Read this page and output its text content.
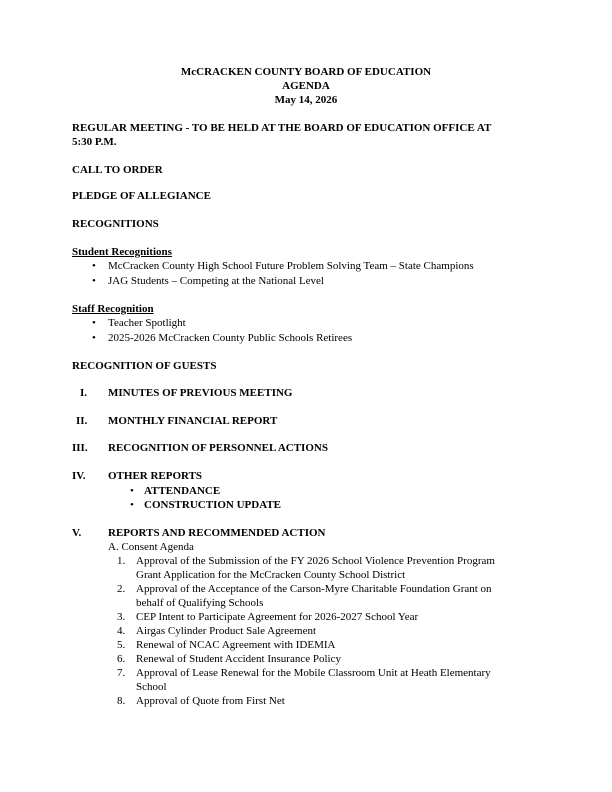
McCRACKEN COUNTY BOARD OF EDUCATION
AGENDA
May 14, 2026
REGULAR MEETING - TO BE HELD AT THE BOARD OF EDUCATION OFFICE AT
5:30 P.M.
CALL TO ORDER
PLEDGE OF ALLEGIANCE
RECOGNITIONS
Student Recognitions
•
McCracken County High School Future Problem Solving Team – State Champions
•
JAG Students – Competing at the National Level
Staff Recognition
•
Teacher Spotlight
•
2025-2026 McCracken County Public Schools Retirees
RECOGNITION OF GUESTS
I. MINUTES OF PREVIOUS MEETING
II. MONTHLY FINANCIAL REPORT
III. RECOGNITION OF PERSONNEL ACTIONS
IV. OTHER REPORTS
•
ATTENDANCE
•
CONSTRUCTION UPDATE
V. REPORTS AND RECOMMENDED ACTION
A. Consent Agenda
1. Approval of the Submission of the FY 2026 School Violence Prevention Program
Grant Application for the McCracken County School District
2. Approval of the Acceptance of the Carson-Myre Charitable Foundation Grant on
behalf of Qualifying Schools
3. CEP Intent to Participate Agreement for 2026-2027 School Year
4. Airgas Cylinder Product Sale Agreement
5. Renewal of NCAC Agreement with IDEMIA
6. Renewal of Student Accident Insurance Policy
7. Approval of Lease Renewal for the Mobile Classroom Unit at Heath Elementary
School
8. Approval of Quote from First Net
